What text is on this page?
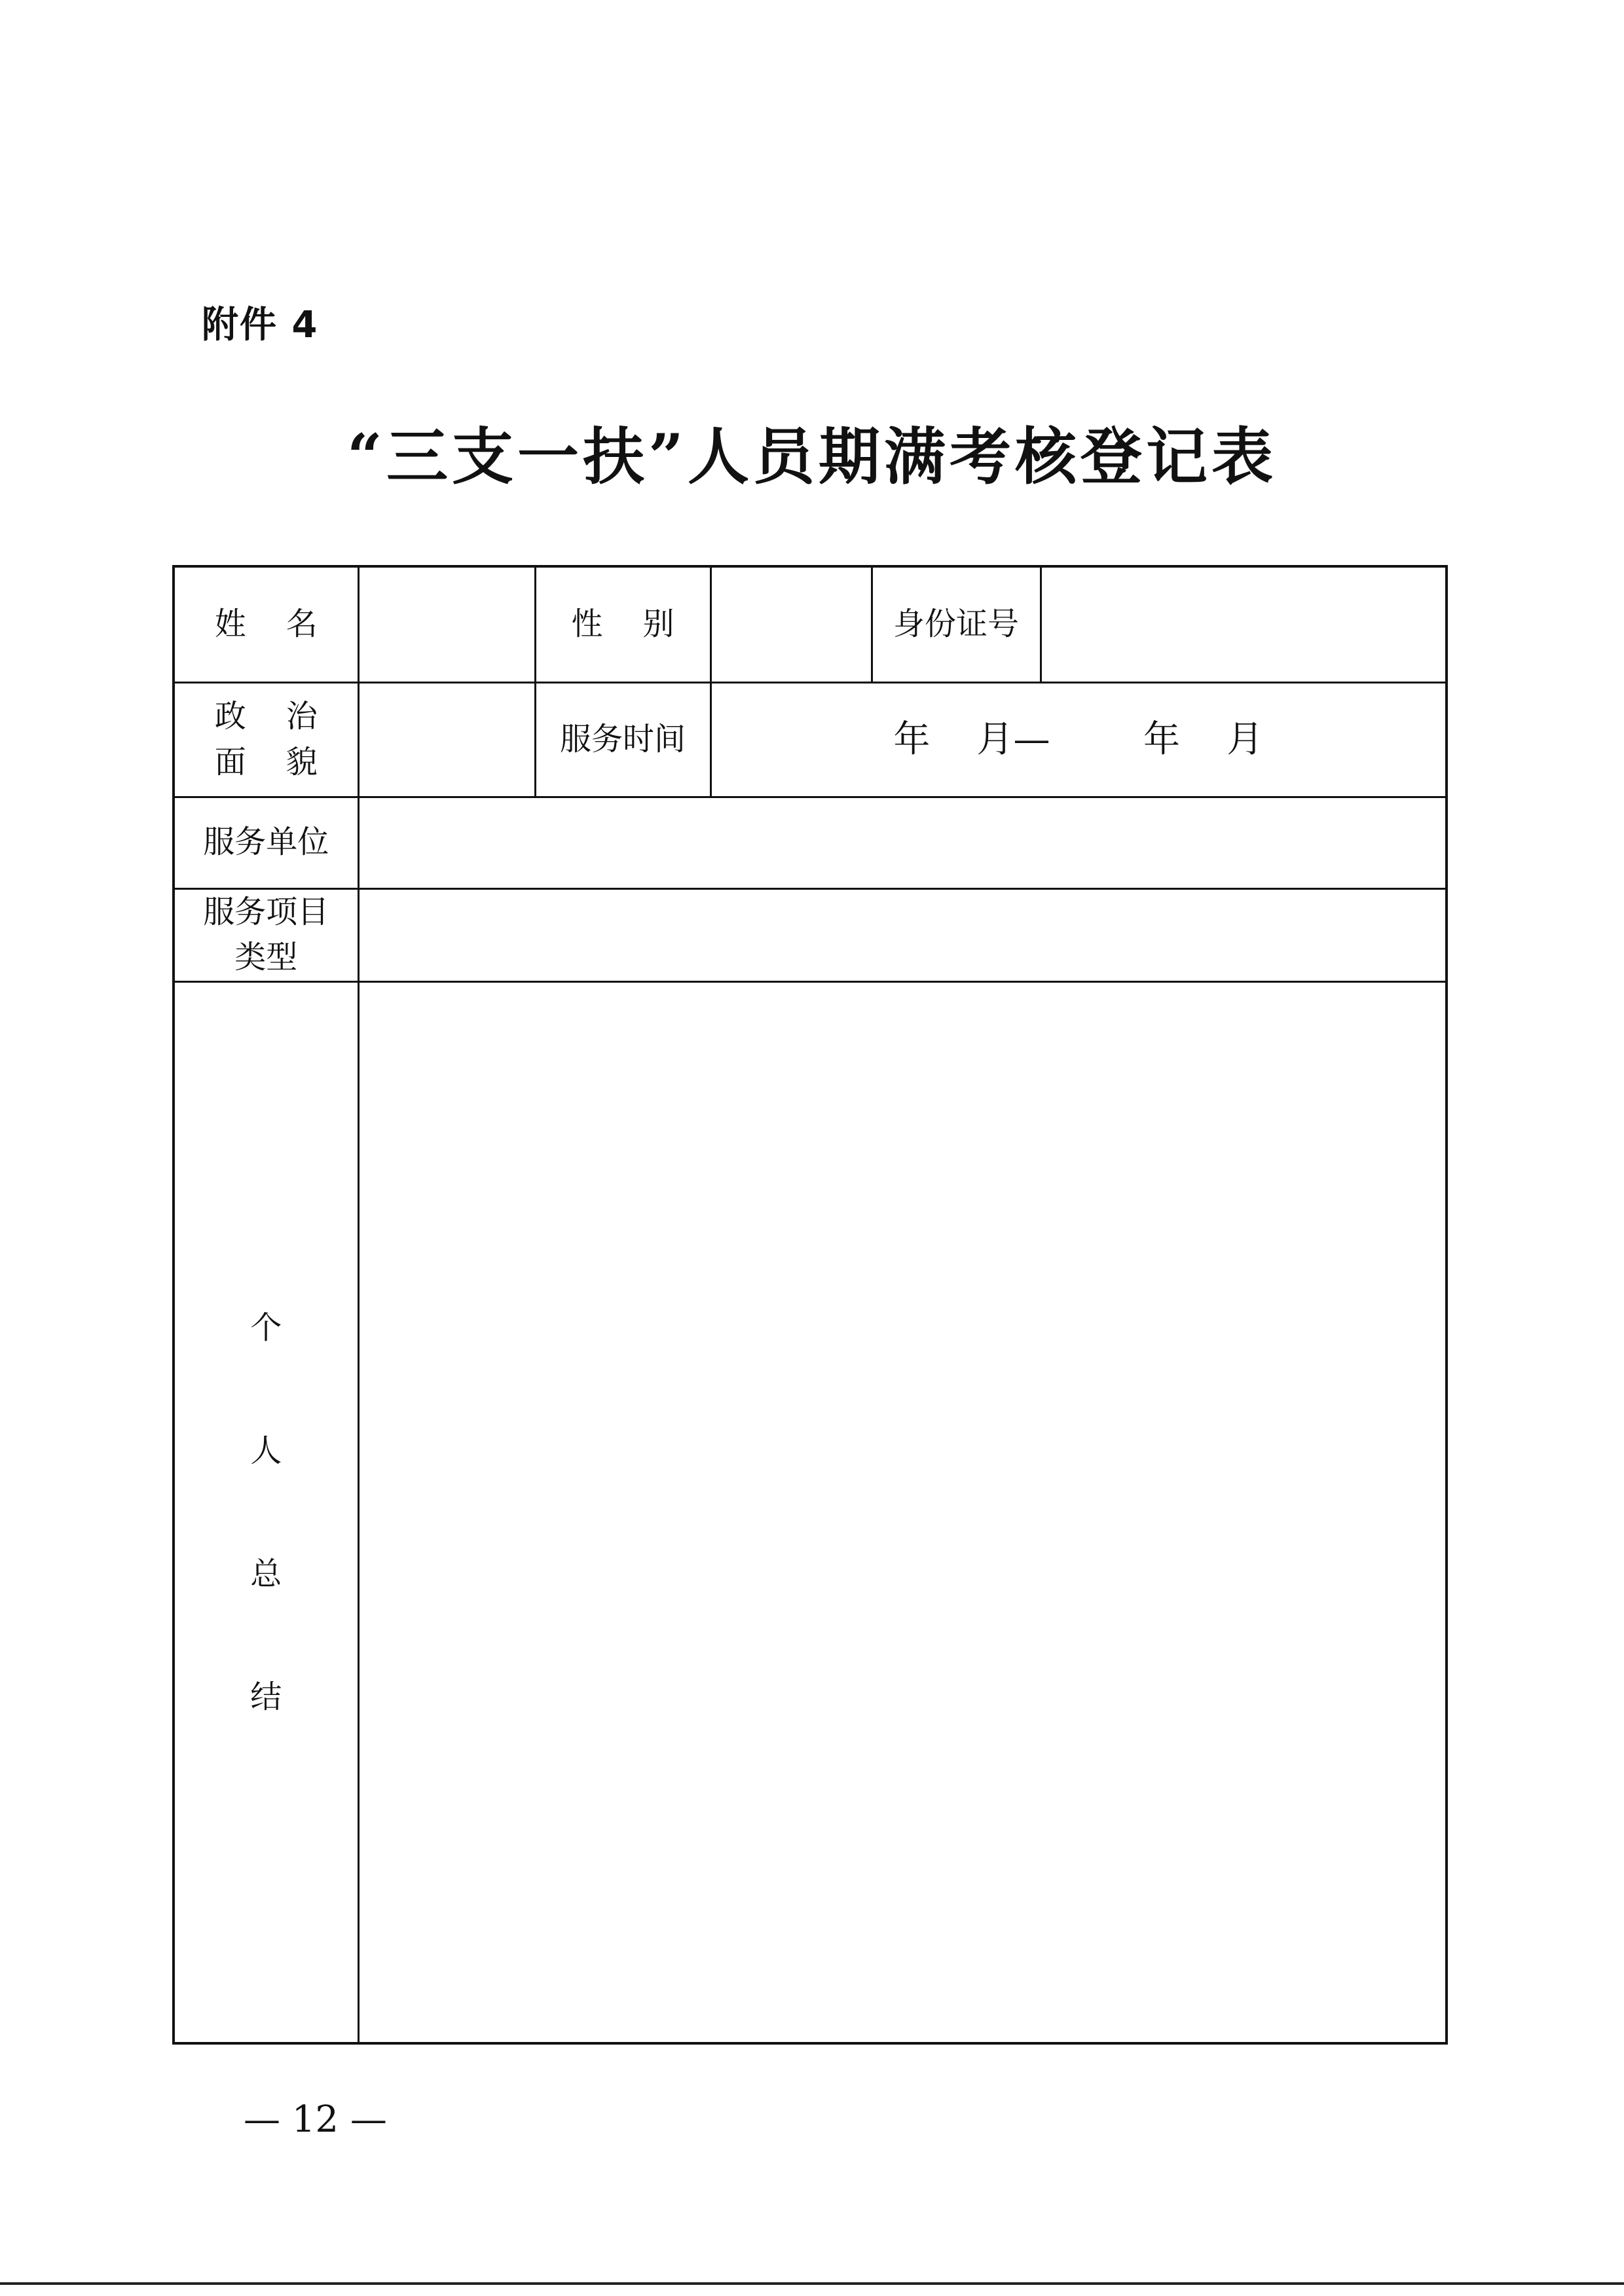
附件 4
“三支一扶”人员期满考核登记表
姓    名		性    别		身份证号	

政    治
面    貌		服务时间	年    月—        年    月		
服务单位					

服务项目
类型					

个
人
总
结					

— 12 —
